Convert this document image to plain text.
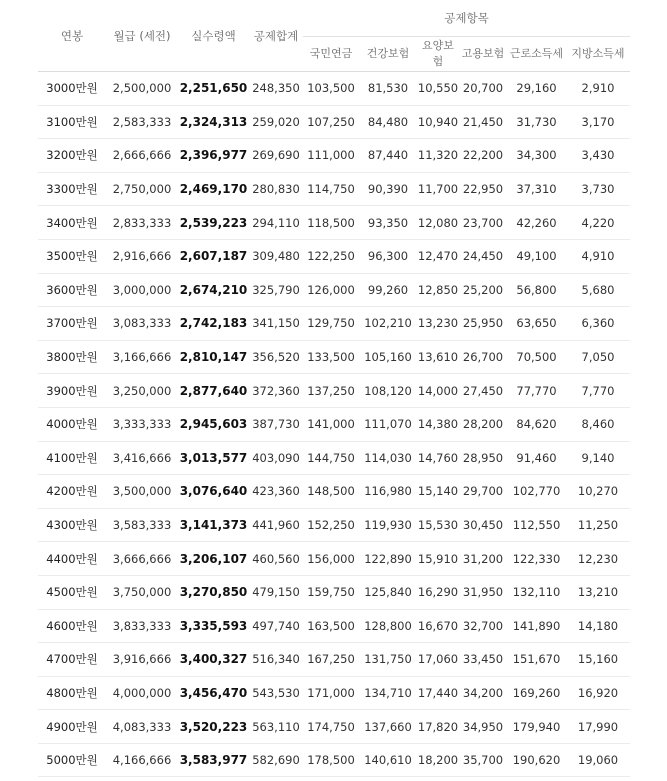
연봉	월급 (세전)	실수령액	공제합계	공제항목					
				국민연금	건강보험	요양보험	고용보험	근로소득세	지방소득세
3000만원	2,500,000	2,251,650	248,350	103,500	81,530	10,550	20,700	29,160	2,910
3100만원	2,583,333	2,324,313	259,020	107,250	84,480	10,940	21,450	31,730	3,170
3200만원	2,666,666	2,396,977	269,690	111,000	87,440	11,320	22,200	34,300	3,430
3300만원	2,750,000	2,469,170	280,830	114,750	90,390	11,700	22,950	37,310	3,730
3400만원	2,833,333	2,539,223	294,110	118,500	93,350	12,080	23,700	42,260	4,220
3500만원	2,916,666	2,607,187	309,480	122,250	96,300	12,470	24,450	49,100	4,910
3600만원	3,000,000	2,674,210	325,790	126,000	99,260	12,850	25,200	56,800	5,680
3700만원	3,083,333	2,742,183	341,150	129,750	102,210	13,230	25,950	63,650	6,360
3800만원	3,166,666	2,810,147	356,520	133,500	105,160	13,610	26,700	70,500	7,050
3900만원	3,250,000	2,877,640	372,360	137,250	108,120	14,000	27,450	77,770	7,770
4000만원	3,333,333	2,945,603	387,730	141,000	111,070	14,380	28,200	84,620	8,460
4100만원	3,416,666	3,013,577	403,090	144,750	114,030	14,760	28,950	91,460	9,140
4200만원	3,500,000	3,076,640	423,360	148,500	116,980	15,140	29,700	102,770	10,270
4300만원	3,583,333	3,141,373	441,960	152,250	119,930	15,530	30,450	112,550	11,250
4400만원	3,666,666	3,206,107	460,560	156,000	122,890	15,910	31,200	122,330	12,230
4500만원	3,750,000	3,270,850	479,150	159,750	125,840	16,290	31,950	132,110	13,210
4600만원	3,833,333	3,335,593	497,740	163,500	128,800	16,670	32,700	141,890	14,180
4700만원	3,916,666	3,400,327	516,340	167,250	131,750	17,060	33,450	151,670	15,160
4800만원	4,000,000	3,456,470	543,530	171,000	134,710	17,440	34,200	169,260	16,920
4900만원	4,083,333	3,520,223	563,110	174,750	137,660	17,820	34,950	179,940	17,990
5000만원	4,166,666	3,583,977	582,690	178,500	140,610	18,200	35,700	190,620	19,060
